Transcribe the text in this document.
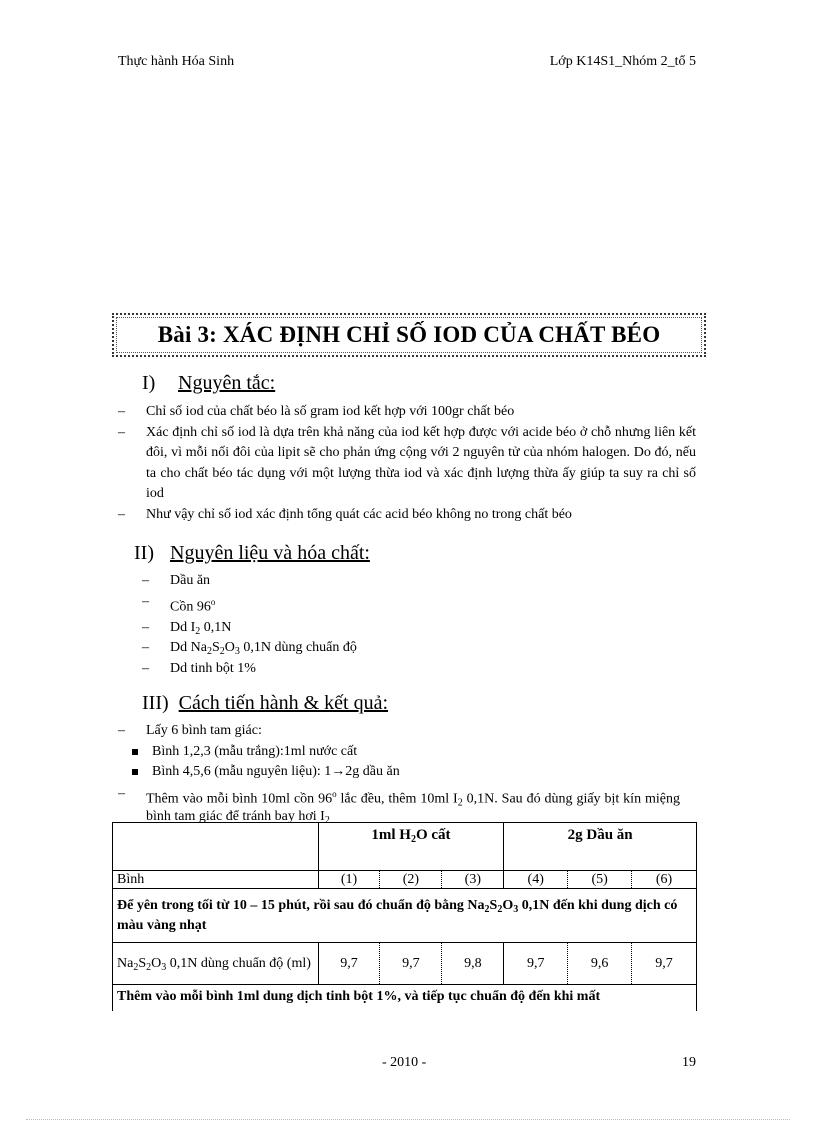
Thực hành Hóa Sinh	Lớp K14S1_Nhóm 2_tổ 5
Bài 3: XÁC ĐỊNH CHỈ SỐ IOD CỦA CHẤT BÉO
I)	Nguyên tắc:
– Chỉ số iod của chất béo là số gram iod kết hợp với 100gr chất béo
– Xác định chỉ số iod là dựa trên khả năng của iod kết hợp được với acide béo ở chỗ nhưng liên kết đôi, vì mỗi nối đôi của lipit sẽ cho phản ứng cộng với 2 nguyên tử của nhóm halogen. Do đó, nếu ta cho chất béo tác dụng với một lượng thừa iod và xác định lượng thừa ấy giúp ta suy ra chỉ số iod
– Như vậy chỉ số iod xác định tổng quát các acid béo không no trong chất béo
II) Nguyên liệu và hóa chất:
– Dầu ăn
– Cồn 96$^o$
– Dd $I_2$ 0,1N
– Dd $Na_2S_2O_3$ 0,1N dùng chuẩn độ
– Dd tinh bột 1%
III) Cách tiến hành & kết quả:
– Lấy 6 bình tam giác:
Bình 1,2,3 (mẫu trắng):1ml nước cất
Bình 4,5,6 (mẫu nguyên liệu): 1→2g dầu ăn
– Thêm vào mỗi bình 10ml cồn 96$^o$ lắc đều, thêm 10ml $I_2$ 0,1N. Sau đó dùng giấy bịt kín miệng bình tam giác để tránh bay hơi $I_2$
	1ml $H_2O$ cất			2g Dầu ăn		
Bình	(1)	(2)	(3)	(4)	(5)	(6)
Để yên trong tối từ 10 – 15 phút, rồi sau đó chuẩn độ bằng $Na_2S_2O_3$ 0,1N đến khi dung dịch có màu vàng nhạt						
$Na_2S_2O_3$ 0,1N dùng chuẩn độ (ml)	9,7	9,7	9,8	9,7	9,6	9,7
Thêm vào mỗi bình 1ml dung dịch tinh bột 1%, và tiếp tục chuẩn độ đến khi mất						
- 2010 -	19
